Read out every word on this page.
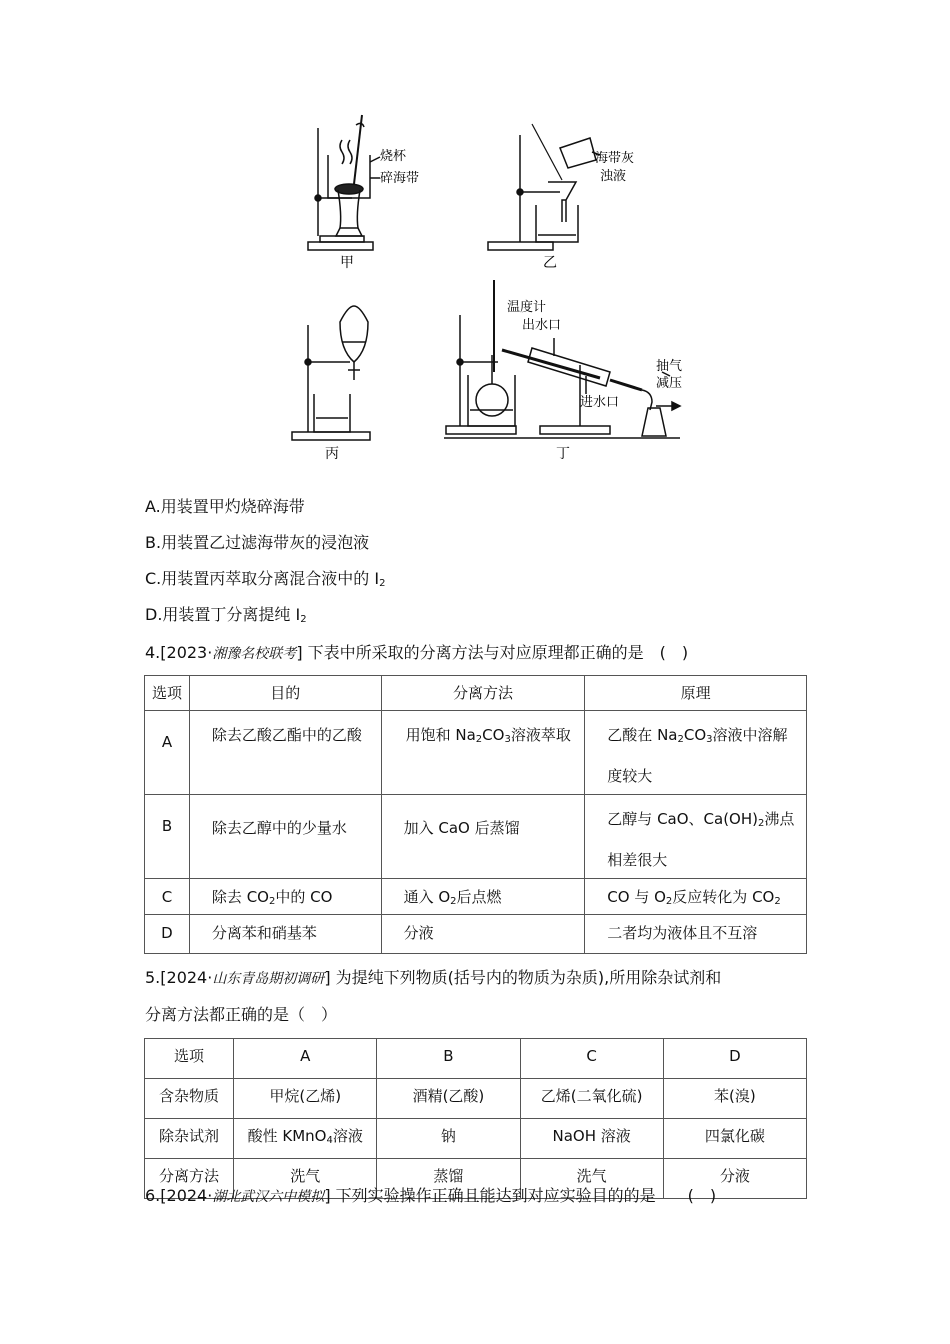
甲
烧杯
碎海带
乙
海带灰
浊液
丙	丁
温度计
出水口
抽气
减压
进水口
A.用装置甲灼烧碎海带
B.用装置乙过滤海带灰的浸泡液
C.用装置丙萃取分离混合液中的 $I_2$
D.用装置丁分离提纯 $I_2$
4.[2023·湘豫名校联考] 下表中所采取的分离方法与对应原理都正确的是　(　)
选项	目的	分离方法	原理
A	除去乙酸乙酯中的乙酸	用饱和 $Na_2CO_3$溶液萃取	乙酸在 $Na_2CO_3$溶液中溶解度较大
B	除去乙醇中的少量水	加入 CaO 后蒸馏	乙醇与 CaO、$Ca(OH)_2$沸点相差很大
C	除去 $CO_2$中的 CO	通入 $O_2$后点燃	CO 与 $O_2$反应转化为 $CO_2$
D	分离苯和硝基苯	分液	二者均为液体且不互溶
5.[2024·山东青岛期初调研] 为提纯下列物质(括号内的物质为杂质),所用除杂试剂和
分离方法都正确的是（　）
选项	A	B	C	D
含杂物质	甲烷(乙烯)	酒精(乙酸)	乙烯(二氧化硫)	苯(溴)
除杂试剂	酸性 KMnO$_4$溶液	钠	NaOH 溶液	四氯化碳
分离方法	洗气	蒸馏	洗气	分液
6.[2024·湖北武汉六中模拟] 下列实验操作正确且能达到对应实验目的的是　　(　)
